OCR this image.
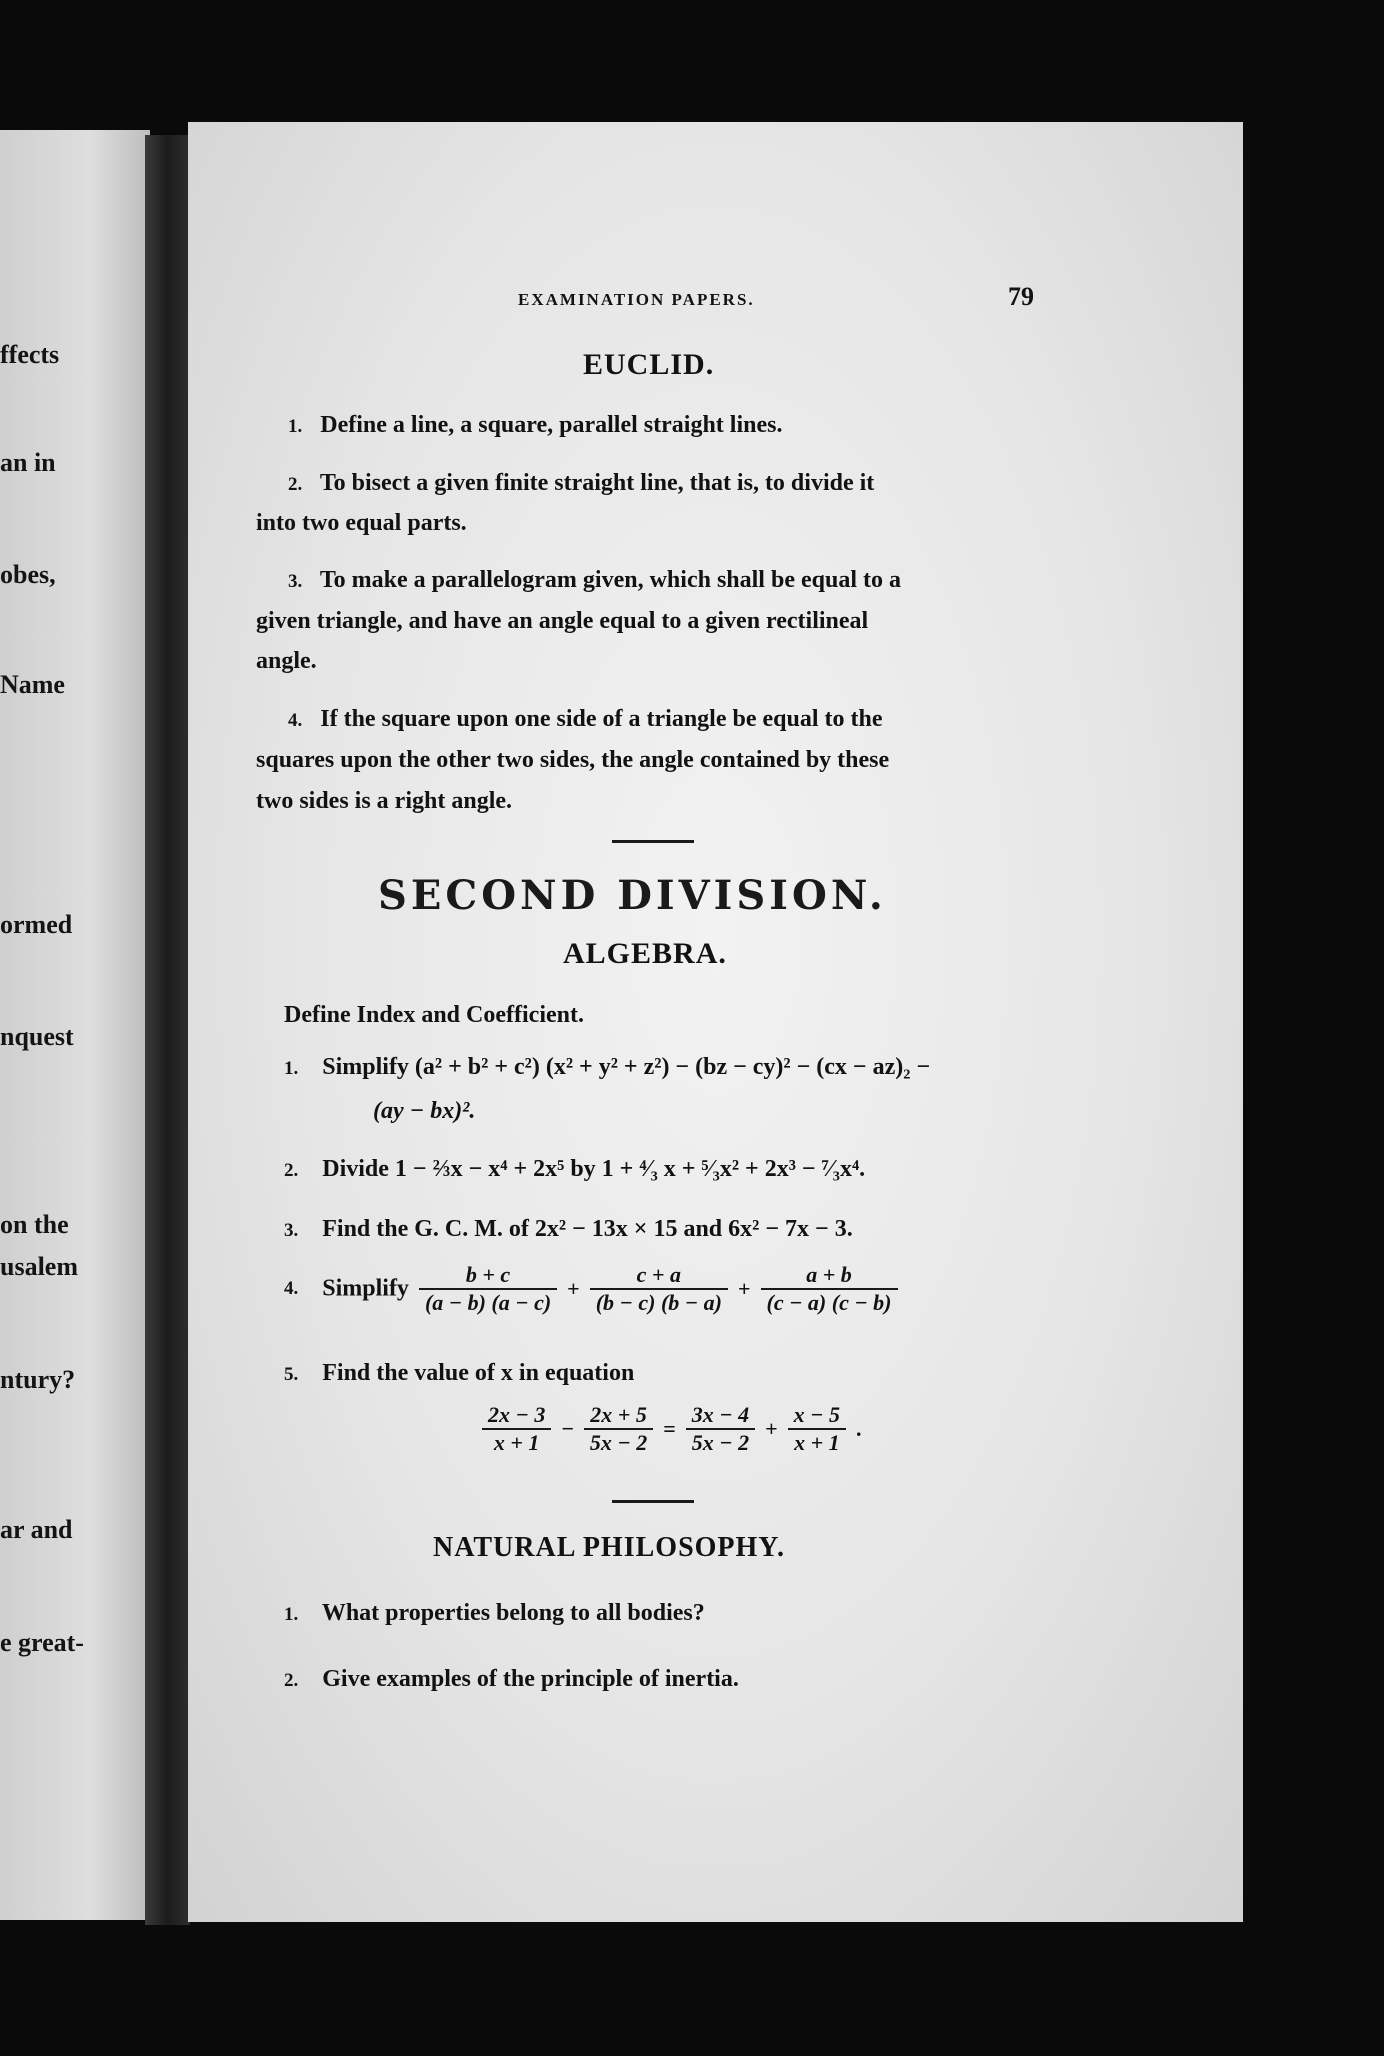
ffects
an in
obes,
Name
ormed
nquest
on the
usalem
ntury?
ar and
e great-
EXAMINATION PAPERS.	79
EUCLID.
1. Define a line, a square, parallel straight lines.
2. To bisect a given finite straight line, that is, to divide it
into two equal parts.
3. To make a parallelogram given, which shall be equal to a
given triangle, and have an angle equal to a given rectilineal
angle.
4. If the square upon one side of a triangle be equal to the
squares upon the other two sides, the angle contained by these
two sides is a right angle.
SECOND DIVISION.
ALGEBRA.
Define Index and Coefficient.
1. Simplify (a² + b² + c²) (x² + y² + z²) − (bz − cy)² − (cx − az)₂ −
(ay − bx)².
2. Divide 1 − ⅔x − x⁴ + 2x⁵ by 1 + ⁴⁄₃ x + ⁵⁄₃x² + 2x³ − ⁷⁄₃x⁴.
3. Find the G. C. M. of 2x² − 13x × 15 and 6x² − 7x − 3.
4. Simplify $\frac{b + c}{(a - b) (a - c)} + \frac{c + a}{(b - c) (b - a)} + \frac{a + b}{(c - a) (c - b)}$
5. Find the value of x in equation
$\frac{2x - 3}{x + 1} - \frac{2x + 5}{5x - 2} = \frac{3x - 4}{5x - 2} + \frac{x - 5}{x + 1}$ .
NATURAL PHILOSOPHY.
1. What properties belong to all bodies?
2. Give examples of the principle of inertia.
